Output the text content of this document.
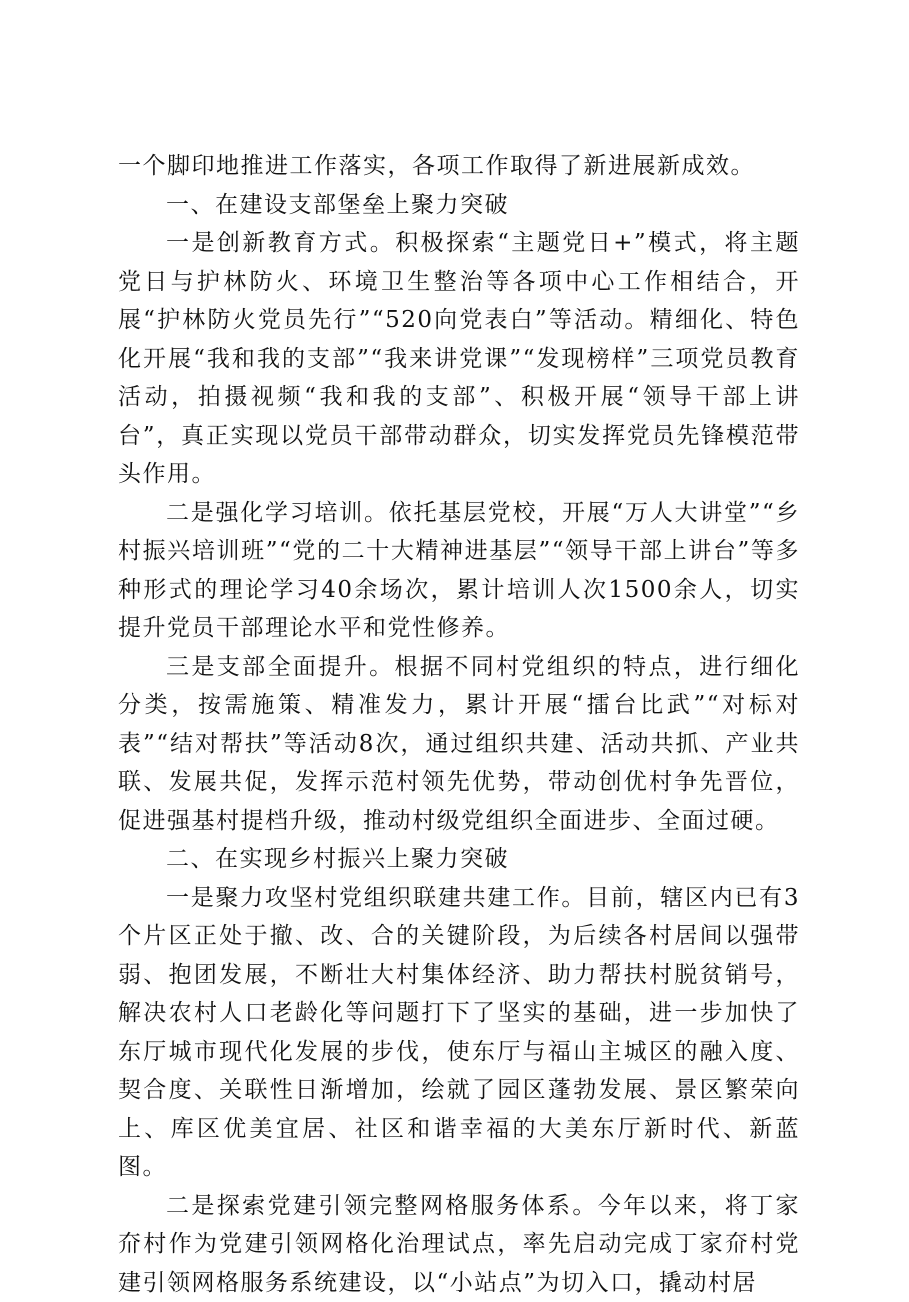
一个脚印地推进工作落实，各项工作取得了新进展新成效。

一、在建设支部堡垒上聚力突破

一是创新教育方式。积极探索“主题党日+”模式，将主题党日与护林防火、环境卫生整治等各项中心工作相结合，开展“护林防火党员先行”“520向党表白”等活动。精细化、特色化开展“我和我的支部”“我来讲党课”“发现榜样”三项党员教育活动，拍摄视频“我和我的支部”、积极开展“领导干部上讲台”，真正实现以党员干部带动群众，切实发挥党员先锋模范带头作用。

二是强化学习培训。依托基层党校，开展“万人大讲堂”“乡村振兴培训班”“党的二十大精神进基层”“领导干部上讲台”等多种形式的理论学习40余场次，累计培训人次1500余人，切实提升党员干部理论水平和党性修养。

三是支部全面提升。根据不同村党组织的特点，进行细化分类，按需施策、精准发力，累计开展“擂台比武”“对标对表”“结对帮扶”等活动8次，通过组织共建、活动共抓、产业共联、发展共促，发挥示范村领先优势，带动创优村争先晋位，促进强基村提档升级，推动村级党组织全面进步、全面过硬。

二、在实现乡村振兴上聚力突破

一是聚力攻坚村党组织联建共建工作。目前，辖区内已有3个片区正处于撤、改、合的关键阶段，为后续各村居间以强带弱、抱团发展，不断壮大村集体经济、助力帮扶村脱贫销号，解决农村人口老龄化等问题打下了坚实的基础，进一步加快了东厅城市现代化发展的步伐，使东厅与福山主城区的融入度、契合度、关联性日渐增加，绘就了园区蓬勃发展、景区繁荣向上、库区优美宜居、社区和谐幸福的大美东厅新时代、新蓝图。

二是探索党建引领完整网格服务体系。今年以来，将丁家夼村作为党建引领网格化治理试点，率先启动完成丁家夼村党建引领网格服务系统建设，以“小站点”为切入口，撬动村居
